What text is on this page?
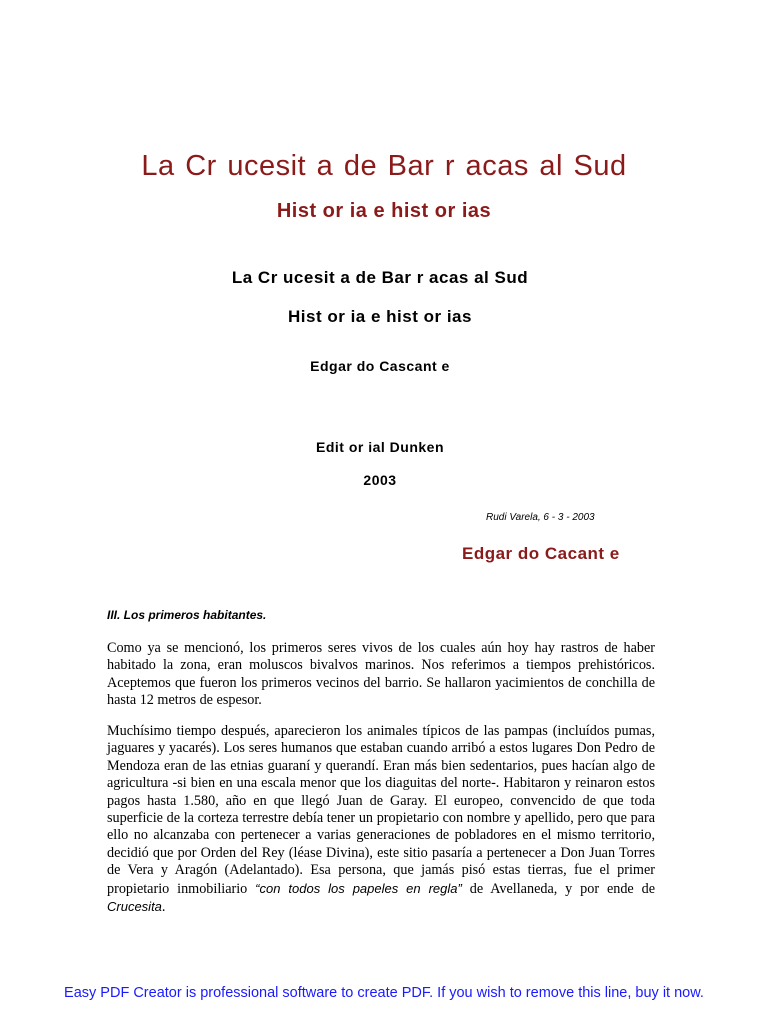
La Cr ucesit a de Bar r acas al Sud
Hist or ia e hist or ias
La Cr ucesit a de Bar r acas al Sud
Hist or ia e hist or ias
Edgar do Cascant e
Edit or ial Dunken
2003
Rudi Varela, 6 - 3 - 2003
Edgar do Cacant e
III. Los primeros habitantes.

Como ya se mencionó, los primeros seres vivos de los cuales aún hoy hay rastros de haber habitado la zona, eran moluscos bivalvos marinos. Nos referimos a tiempos prehistóricos. Aceptemos que fueron los primeros vecinos del barrio. Se hallaron yacimientos de conchilla de hasta 12 metros de espesor.

Muchísimo tiempo después, aparecieron los animales típicos de las pampas (incluídos pumas, jaguares y yacarés). Los seres humanos que estaban cuando arribó a estos lugares Don Pedro de Mendoza eran de las etnias guaraní y querandí. Eran más bien sedentarios, pues hacían algo de agricultura -si bien en una escala menor que los diaguitas del norte-. Habitaron y reinaron estos pagos hasta 1.580, año en que llegó Juan de Garay. El europeo, convencido de que toda superficie de la corteza terrestre debía tener un propietario con nombre y apellido, pero que para ello no alcanzaba con pertenecer a varias generaciones de pobladores en el mismo territorio, decidió que por Orden del Rey (léase Divina), este sitio pasaría a pertenecer a Don Juan Torres de Vera y Aragón (Adelantado). Esa persona, que jamás pisó estas tierras, fue el primer propietario inmobiliario “con todos los papeles en regla” de Avellaneda, y por ende de Crucesita.

Easy PDF Creator is professional software to create PDF. If you wish to remove this line, buy it now.
